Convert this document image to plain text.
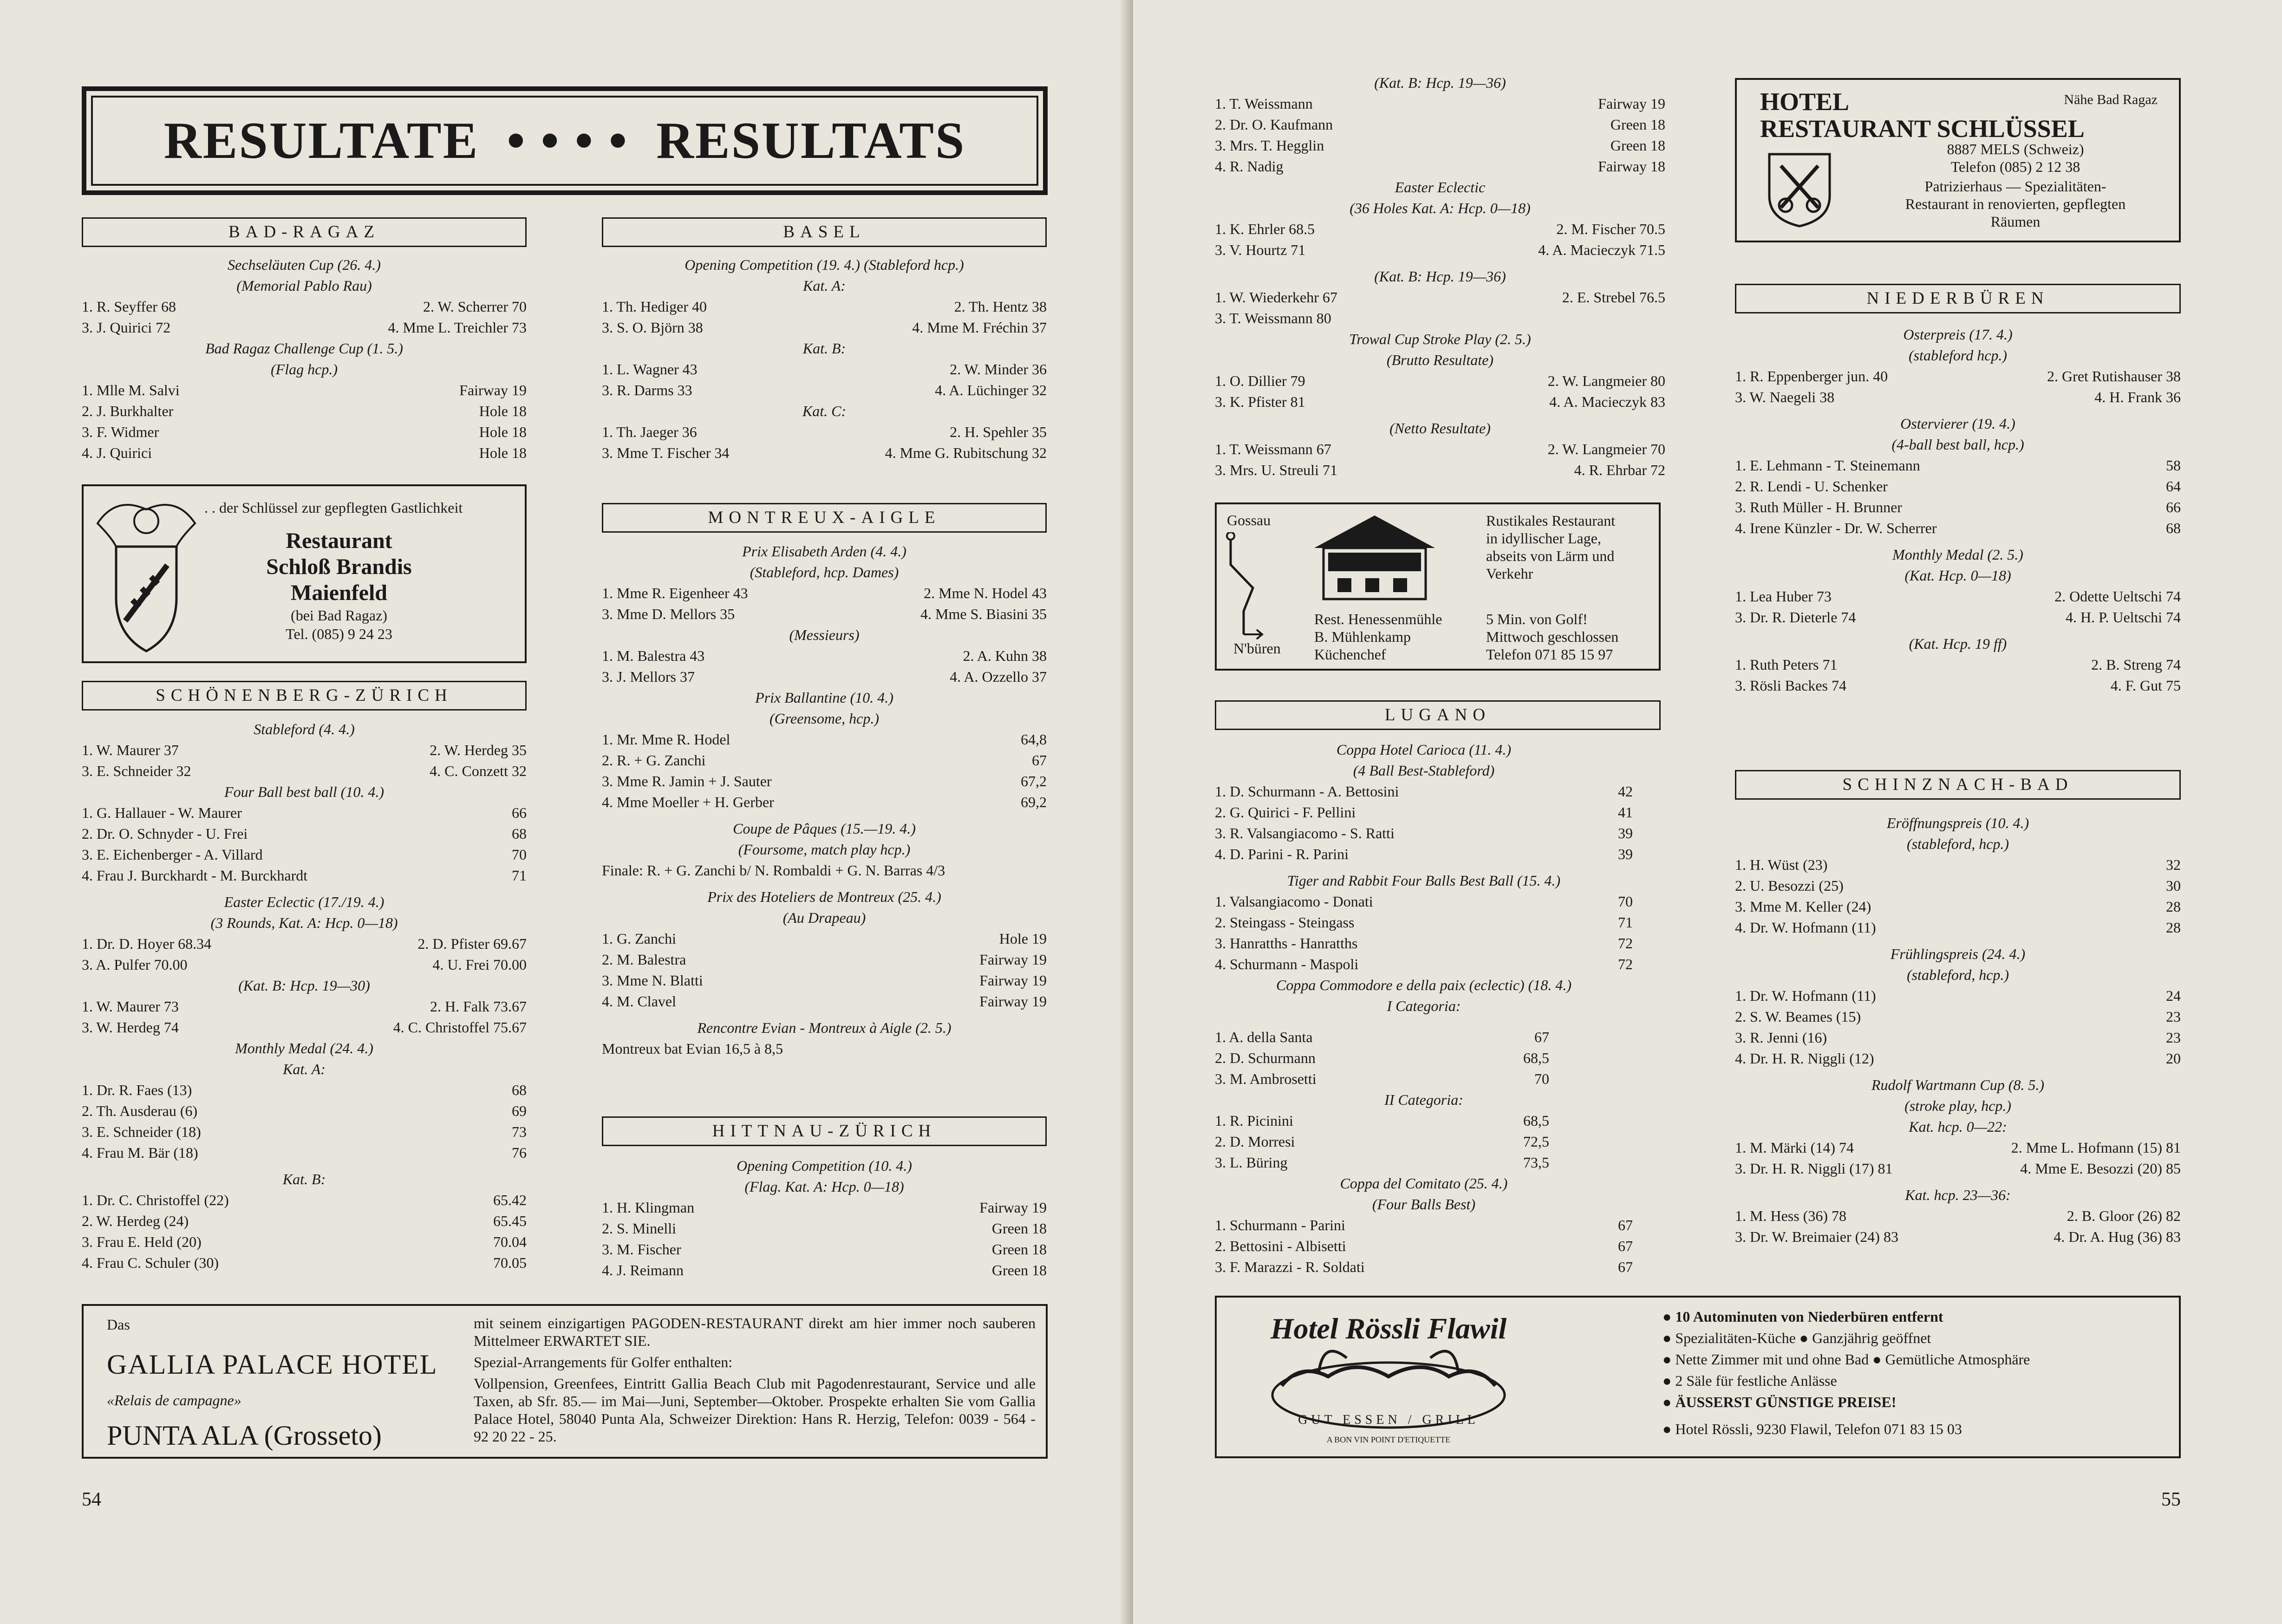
RESULTATE • • • • RESULTATS
BAD-RAGAZ
Sechseläuten Cup (26. 4.)
(Memorial Pablo Rau)
1. R. Seyffer 68	2. W. Scherrer 70
3. J. Quirici 72	4. Mme L. Treichler 73
Bad Ragaz Challenge Cup (1. 5.)
(Flag hcp.)
1. Mlle M. Salvi	Fairway 19
2. J. Burkhalter	Hole 18
3. F. Widmer	Hole 18
4. J. Quirici	Hole 18
. . der Schlüssel zur gepflegten Gastlichkeit
Restaurant
Schloß Brandis
Maienfeld
(bei Bad Ragaz)
Tel. (085) 9 24 23
SCHÖNENBERG-ZÜRICH
Stableford (4. 4.)
1. W. Maurer 37	2. W. Herdeg 35
3. E. Schneider 32	4. C. Conzett 32
Four Ball best ball (10. 4.)
1. G. Hallauer - W. Maurer	66
2. Dr. O. Schnyder - U. Frei	68
3. E. Eichenberger - A. Villard	70
4. Frau J. Burckhardt - M. Burckhardt	71
Easter Eclectic (17./19. 4.)
(3 Rounds, Kat. A: Hcp. 0—18)
1. Dr. D. Hoyer 68.34	2. D. Pfister 69.67
3. A. Pulfer 70.00	4. U. Frei 70.00
(Kat. B: Hcp. 19—30)
1. W. Maurer 73	2. H. Falk 73.67
3. W. Herdeg 74	4. C. Christoffel 75.67
Monthly Medal (24. 4.)
Kat. A:
1. Dr. R. Faes (13)	68
2. Th. Ausderau (6)	69
3. E. Schneider (18)	73
4. Frau M. Bär (18)	76
Kat. B:
1. Dr. C. Christoffel (22)	65.42
2. W. Herdeg (24)	65.45
3. Frau E. Held (20)	70.04
4. Frau C. Schuler (30)	70.05
BASEL
Opening Competition (19. 4.) (Stableford hcp.)
Kat. A:
1. Th. Hediger 40	2. Th. Hentz 38
3. S. O. Björn 38	4. Mme M. Fréchin 37
Kat. B:
1. L. Wagner 43	2. W. Minder 36
3. R. Darms 33	4. A. Lüchinger 32
Kat. C:
1. Th. Jaeger 36	2. H. Spehler 35
3. Mme T. Fischer 34	4. Mme G. Rubitschung 32
MONTREUX-AIGLE
Prix Elisabeth Arden (4. 4.)
(Stableford, hcp. Dames)
1. Mme R. Eigenheer 43	2. Mme N. Hodel 43
3. Mme D. Mellors 35	4. Mme S. Biasini 35
(Messieurs)
1. M. Balestra 43	2. A. Kuhn 38
3. J. Mellors 37	4. A. Ozzello 37
Prix Ballantine (10. 4.)
(Greensome, hcp.)
1. Mr. Mme R. Hodel	64,8
2. R. + G. Zanchi	67
3. Mme R. Jamin + J. Sauter	67,2
4. Mme Moeller + H. Gerber	69,2
Coupe de Pâques (15.—19. 4.)
(Foursome, match play hcp.)
Finale: R. + G. Zanchi b/ N. Rombaldi + G. N. Barras 4/3
Prix des Hoteliers de Montreux (25. 4.)
(Au Drapeau)
1. G. Zanchi	Hole 19
2. M. Balestra	Fairway 19
3. Mme N. Blatti	Fairway 19
4. M. Clavel	Fairway 19
Rencontre Evian - Montreux à Aigle (2. 5.)
Montreux bat Evian 16,5 à 8,5
HITTNAU-ZÜRICH
Opening Competition (10. 4.)
(Flag. Kat. A: Hcp. 0—18)
1. H. Klingman	Fairway 19
2. S. Minelli	Green 18
3. M. Fischer	Green 18
4. J. Reimann	Green 18
Das
GALLIA PALACE HOTEL
«Relais de campagne»
PUNTA ALA (Grosseto)
mit seinem einzigartigen PAGODEN-RESTAURANT direkt am hier immer noch sauberen Mittelmeer ERWARTET SIE.
Spezial-Arrangements für Golfer enthalten:
Vollpension, Greenfees, Eintritt Gallia Beach Club mit Pagodenrestaurant, Service und alle Taxen, ab Sfr. 85.— im Mai—Juni, September—Oktober. Prospekte erhalten Sie vom Gallia Palace Hotel, 58040 Punta Ala, Schweizer Direktion: Hans R. Herzig, Telefon: 0039 - 564 - 92 20 22 - 25.
54
(Kat. B: Hcp. 19—36)
1. T. Weissmann	Fairway 19
2. Dr. O. Kaufmann	Green 18
3. Mrs. T. Hegglin	Green 18
4. R. Nadig	Fairway 18
Easter Eclectic
(36 Holes Kat. A: Hcp. 0—18)
1. K. Ehrler 68.5	2. M. Fischer 70.5
3. V. Hourtz 71	4. A. Macieczyk 71.5
(Kat. B: Hcp. 19—36)
1. W. Wiederkehr 67	2. E. Strebel 76.5
3. T. Weissmann 80
Trowal Cup Stroke Play (2. 5.)
(Brutto Resultate)
1. O. Dillier 79	2. W. Langmeier 80
3. K. Pfister 81	4. A. Macieczyk 83
(Netto Resultate)
1. T. Weissmann 67	2. W. Langmeier 70
3. Mrs. U. Streuli 71	4. R. Ehrbar 72
Gossau
N'büren
Rest. Henessenmühle
B. Mühlenkamp
Küchenchef
Rustikales Restaurant
in idyllischer Lage,
abseits von Lärm und
Verkehr
5 Min. von Golf!
Mittwoch geschlossen
Telefon 071 85 15 97
LUGANO
Coppa Hotel Carioca (11. 4.)
(4 Ball Best-Stableford)
1. D. Schurmann - A. Bettosini	42
2. G. Quirici - F. Pellini	41
3. R. Valsangiacomo - S. Ratti	39
4. D. Parini - R. Parini	39
Tiger and Rabbit Four Balls Best Ball (15. 4.)
1. Valsangiacomo - Donati	70
2. Steingass - Steingass	71
3. Hanratths - Hanratths	72
4. Schurmann - Maspoli	72
Coppa Commodore e della paix (eclectic) (18. 4.)
I Categoria:
1. A. della Santa	67
2. D. Schurmann	68,5
3. M. Ambrosetti	70
II Categoria:
1. R. Picinini	68,5
2. D. Morresi	72,5
3. L. Büring	73,5
Coppa del Comitato (25. 4.)
(Four Balls Best)
1. Schurmann - Parini	67
2. Bettosini - Albisetti	67
3. F. Marazzi - R. Soldati	67
Hotel Rössli Flawil
GUT ESSEN / GRILL
A BON VIN POINT D'ETIQUETTE
● 10 Autominuten von Niederbüren entfernt
● Spezialitäten-Küche ● Ganzjährig geöffnet
● Nette Zimmer mit und ohne Bad ● Gemütliche Atmosphäre
● 2 Säle für festliche Anlässe
● ÄUSSERST GÜNSTIGE PREISE!
● Hotel Rössli, 9230 Flawil, Telefon 071 83 15 03
HOTEL	Nähe Bad Ragaz
RESTAURANT SCHLÜSSEL
8887 MELS (Schweiz)
Telefon (085) 2 12 38
Patrizierhaus — Spezialitäten-
Restaurant in renovierten, gepflegten
Räumen
NIEDERBÜREN
Osterpreis (17. 4.)
(stableford hcp.)
1. R. Eppenberger jun. 40	2. Gret Rutishauser 38
3. W. Naegeli 38	4. H. Frank 36
Ostervierer (19. 4.)
(4-ball best ball, hcp.)
1. E. Lehmann - T. Steinemann	58
2. R. Lendi - U. Schenker	64
3. Ruth Müller - H. Brunner	66
4. Irene Künzler - Dr. W. Scherrer	68
Monthly Medal (2. 5.)
(Kat. Hcp. 0—18)
1. Lea Huber 73	2. Odette Ueltschi 74
3. Dr. R. Dieterle 74	4. H. P. Ueltschi 74
(Kat. Hcp. 19 ff)
1. Ruth Peters 71	2. B. Streng 74
3. Rösli Backes 74	4. F. Gut 75
SCHINZNACH-BAD
Eröffnungspreis (10. 4.)
(stableford, hcp.)
1. H. Wüst (23)	32
2. U. Besozzi (25)	30
3. Mme M. Keller (24)	28
4. Dr. W. Hofmann (11)	28
Frühlingspreis (24. 4.)
(stableford, hcp.)
1. Dr. W. Hofmann (11)	24
2. S. W. Beames (15)	23
3. R. Jenni (16)	23
4. Dr. H. R. Niggli (12)	20
Rudolf Wartmann Cup (8. 5.)
(stroke play, hcp.)
Kat. hcp. 0—22:
1. M. Märki (14) 74	2. Mme L. Hofmann (15) 81
3. Dr. H. R. Niggli (17) 81	4. Mme E. Besozzi (20) 85
Kat. hcp. 23—36:
1. M. Hess (36) 78	2. B. Gloor (26) 82
3. Dr. W. Breimaier (24) 83	4. Dr. A. Hug (36) 83
55
